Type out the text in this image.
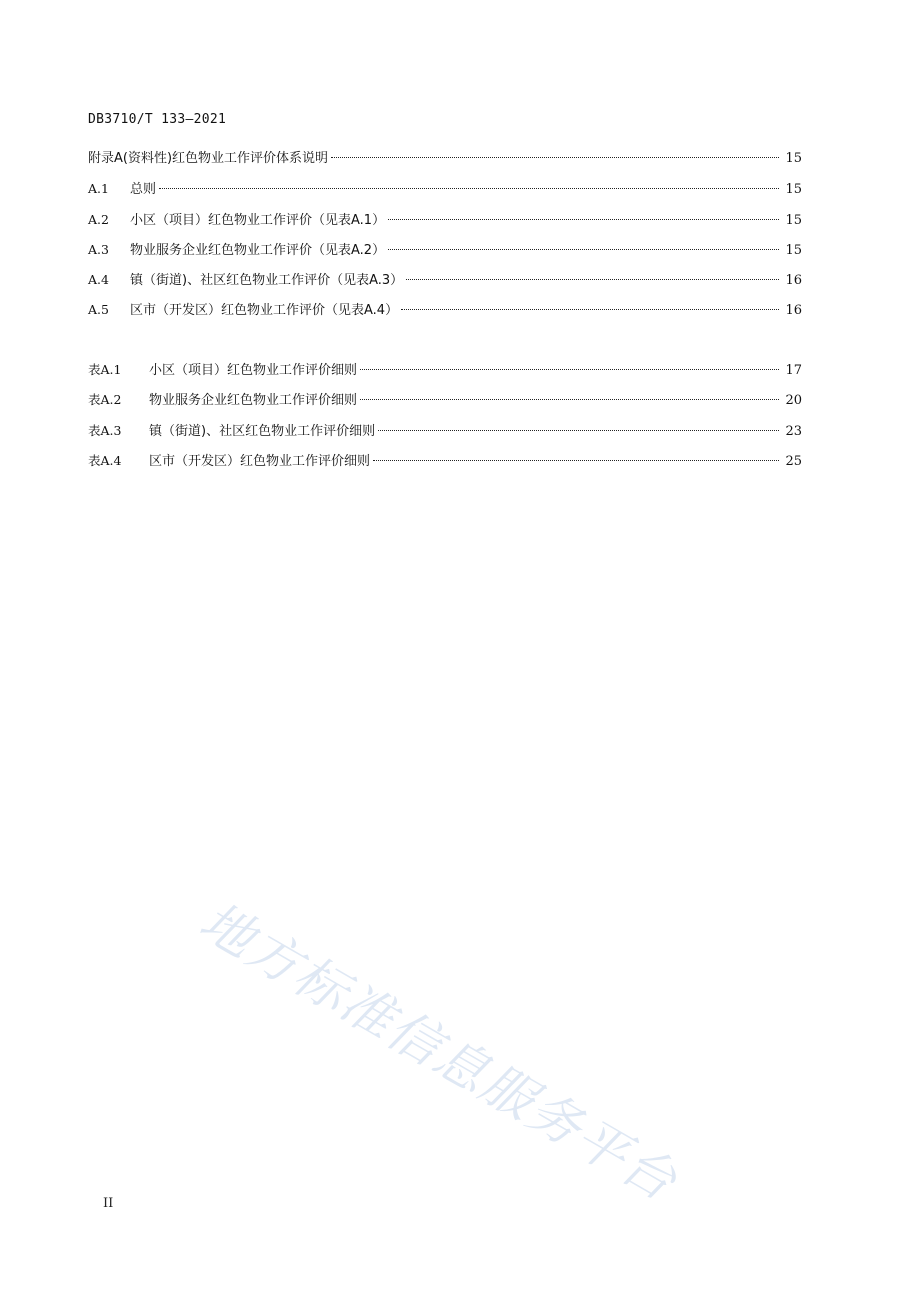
DB3710/T 133—2021
附录A(资料性)红色物业工作评价体系说明	15
A.1	总则	15
A.2	小区（项目）红色物业工作评价（见表A.1）	15
A.3	物业服务企业红色物业工作评价（见表A.2）	15
A.4	镇（街道)、社区红色物业工作评价（见表A.3）	16
A.5	区市（开发区）红色物业工作评价（见表A.4）	16
表A.1	小区（项目）红色物业工作评价细则	17
表A.2	物业服务企业红色物业工作评价细则	20
表A.3	镇（街道)、社区红色物业工作评价细则	23
表A.4	区市（开发区）红色物业工作评价细则	25
地方标准信息服务平台
II
